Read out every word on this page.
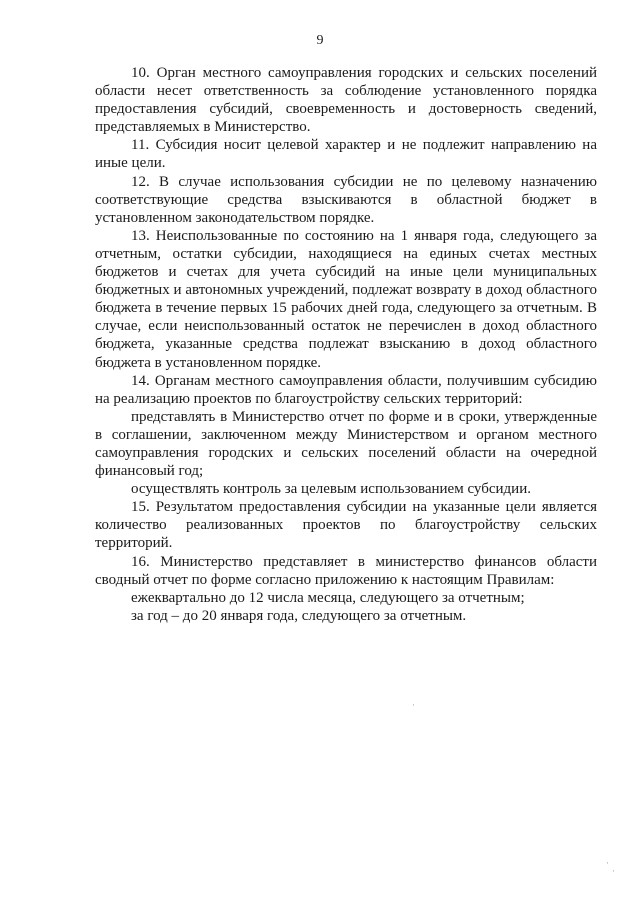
9

10. Орган местного самоуправления городских и сельских поселений области несет ответственность за соблюдение установленного порядка предоставления субсидий, своевременность и достоверность сведений, представляемых в Министерство.

11. Субсидия носит целевой характер и не подлежит направлению на иные цели.

12. В случае использования субсидии не по целевому назначению соответствующие средства взыскиваются в областной бюджет в установленном законодательством порядке.

13. Неиспользованные по состоянию на 1 января года, следующего за отчетным, остатки субсидии, находящиеся на единых счетах местных бюджетов и счетах для учета субсидий на иные цели муниципальных бюджетных и автономных учреждений, подлежат возврату в доход областного бюджета в течение первых 15 рабочих дней года, следующего за отчетным. В случае, если неиспользованный остаток не перечислен в доход областного бюджета, указанные средства подлежат взысканию в доход областного бюджета в установленном порядке.

14. Органам местного самоуправления области, получившим субсидию на реализацию проектов по благоустройству сельских территорий:

представлять в Министерство отчет по форме и в сроки, утвержденные в соглашении, заключенном между Министерством и органом местного самоуправления городских и сельских поселений области на очередной финансовый год;

осуществлять контроль за целевым использованием субсидии.

15. Результатом предоставления субсидии на указанные цели является количество реализованных проектов по благоустройству сельских территорий.

16. Министерство представляет в министерство финансов области сводный отчет по форме согласно приложению к настоящим Правилам:

ежеквартально до 12 числа месяца, следующего за отчетным;

за год – до 20 января года, следующего за отчетным.

·
·
·
